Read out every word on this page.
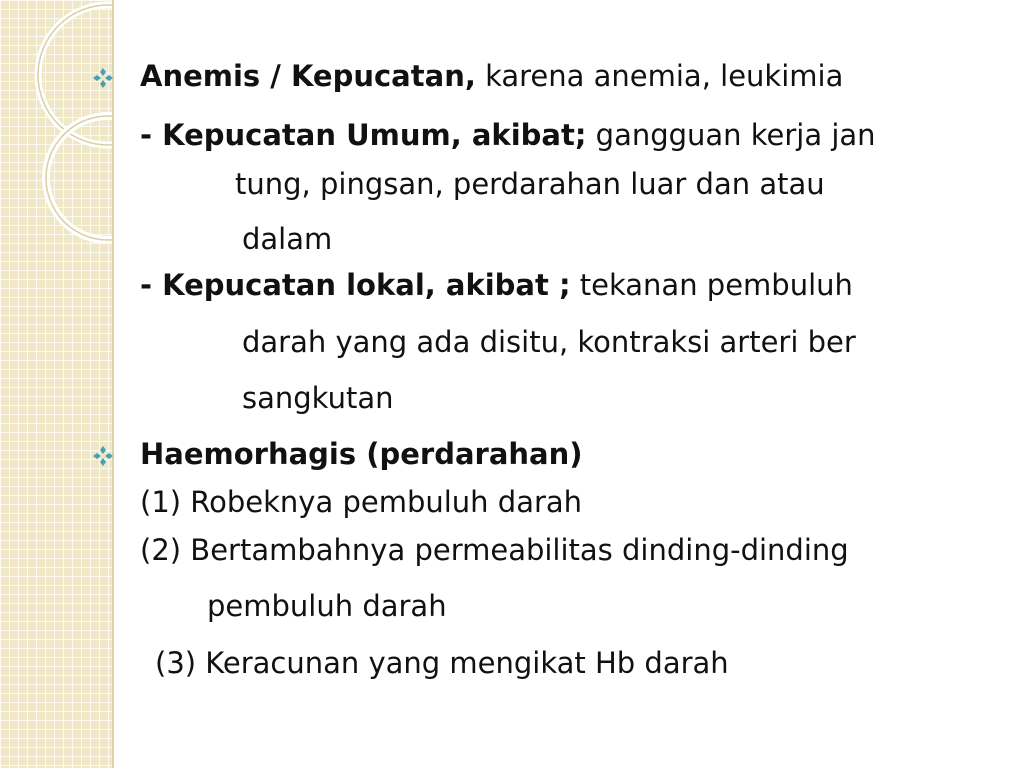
Anemis / Kepucatan, karena anemia, leukimia
- Kepucatan Umum, akibat; gangguan kerja jan
tung, pingsan, perdarahan luar dan atau
dalam
- Kepucatan lokal, akibat ; tekanan pembuluh
darah yang ada disitu, kontraksi arteri ber
sangkutan
Haemorhagis (perdarahan)
(1) Robeknya pembuluh darah
(2) Bertambahnya permeabilitas dinding-dinding
pembuluh darah
(3) Keracunan yang mengikat Hb darah
